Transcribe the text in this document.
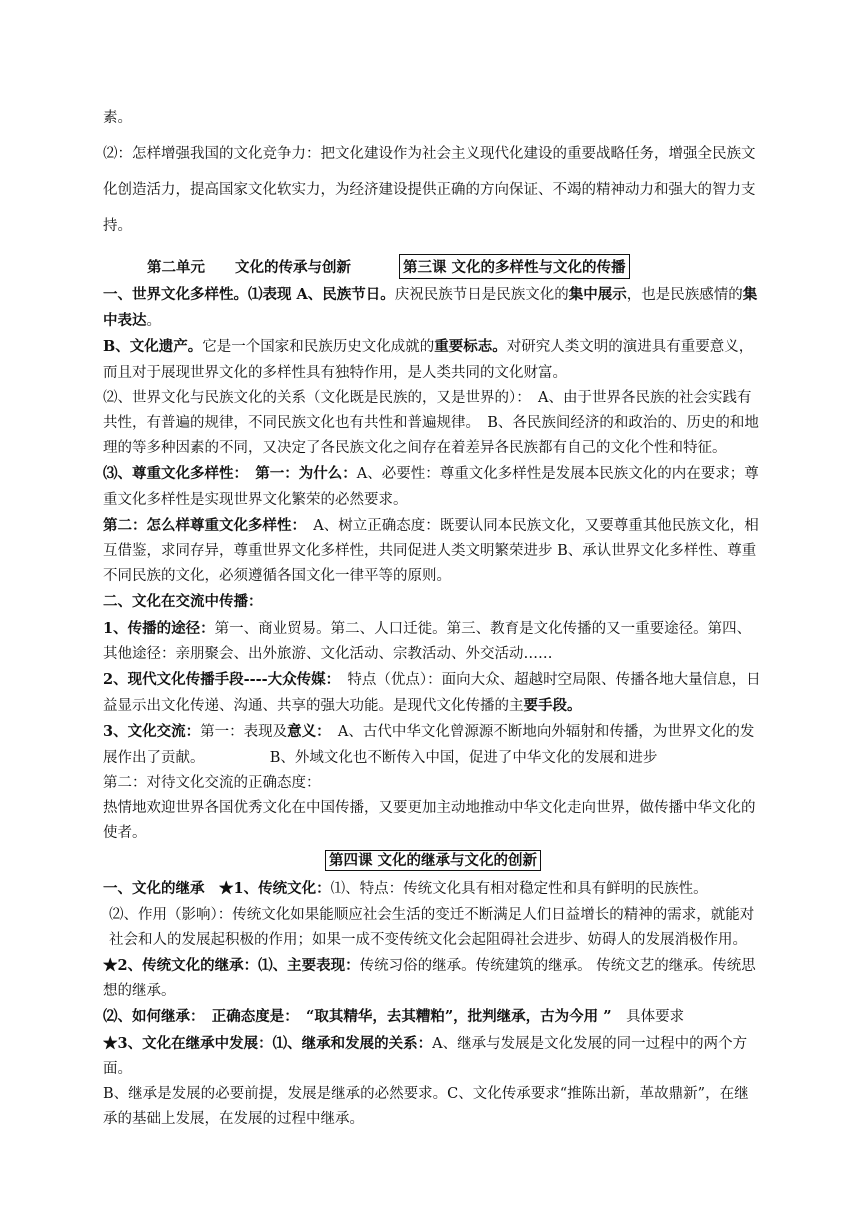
素。

⑵：怎样增强我国的文化竞争力：把文化建设作为社会主义现代化建设的重要战略任务，增强全民族文化创造活力，提高国家文化软实力，为经济建设提供正确的方向保证、不竭的精神动力和强大的智力支持。

第二单元 文化的传承与创新	第三课 文化的多样性与文化的传播

一、世界文化多样性。⑴表现 A、民族节日。庆祝民族节日是民族文化的集中展示，也是民族感情的集中表达。

B、文化遗产。它是一个国家和民族历史文化成就的重要标志。对研究人类文明的演进具有重要意义，而且对于展现世界文化的多样性具有独特作用，是人类共同的文化财富。

⑵、世界文化与民族文化的关系（文化既是民族的，又是世界的）：　A、由于世界各民族的社会实践有共性，有普遍的规律，不同民族文化也有共性和普遍规律。　B、各民族间经济的和政治的、历史的和地理的等多种因素的不同，又决定了各民族文化之间存在着差异各民族都有自己的文化个性和特征。

⑶、尊重文化多样性：　第一：为什么：A、必要性：尊重文化多样性是发展本民族文化的内在要求；尊重文化多样性是实现世界文化繁荣的必然要求。

第二：怎么样尊重文化多样性：　A、树立正确态度：既要认同本民族文化，又要尊重其他民族文化，相互借鉴，求同存异，尊重世界文化多样性，共同促进人类文明繁荣进步 B、承认世界文化多样性、尊重不同民族的文化，必须遵循各国文化一律平等的原则。

二、文化在交流中传播：

1、传播的途径：第一、商业贸易。第二、人口迁徙。第三、教育是文化传播的又一重要途径。第四、其他途径：亲朋聚会、出外旅游、文化活动、宗教活动、外交活动……

2、现代文化传播手段----大众传媒：　特点（优点）：面向大众、超越时空局限、传播各地大量信息，日益显示出文化传递、沟通、共享的强大功能。是现代文化传播的主要手段。

3、文化交流：第一：表现及意义：　A、古代中华文化曾源源不断地向外辐射和传播，为世界文化的发展作出了贡献。　　　　　B、外域文化也不断传入中国，促进了中华文化的发展和进步

第二：对待文化交流的正确态度：

热情地欢迎世界各国优秀文化在中国传播，又要更加主动地推动中华文化走向世界，做传播中华文化的使者。

第四课 文化的继承与文化的创新

一、文化的继承　★1、传统文化：⑴、特点：传统文化具有相对稳定性和具有鲜明的民族性。

⑵、作用（影响）：传统文化如果能顺应社会生活的变迁不断满足人们日益增长的精神的需求，就能对社会和人的发展起积极的作用；如果一成不变传统文化会起阻碍社会进步、妨碍人的发展消极作用。

★2、传统文化的继承：⑴、主要表现：传统习俗的继承。传统建筑的继承。 传统文艺的继承。传统思想的继承。

⑵、如何继承：　正确态度是：　“取其精华，去其糟粕”，批判继承，古为今用 ”　具体要求

★3、文化在继承中发展：⑴、继承和发展的关系：A、继承与发展是文化发展的同一过程中的两个方面。

B、继承是发展的必要前提，发展是继承的必然要求。C、文化传承要求“推陈出新，革故鼎新”，在继承的基础上发展，在发展的过程中继承。
